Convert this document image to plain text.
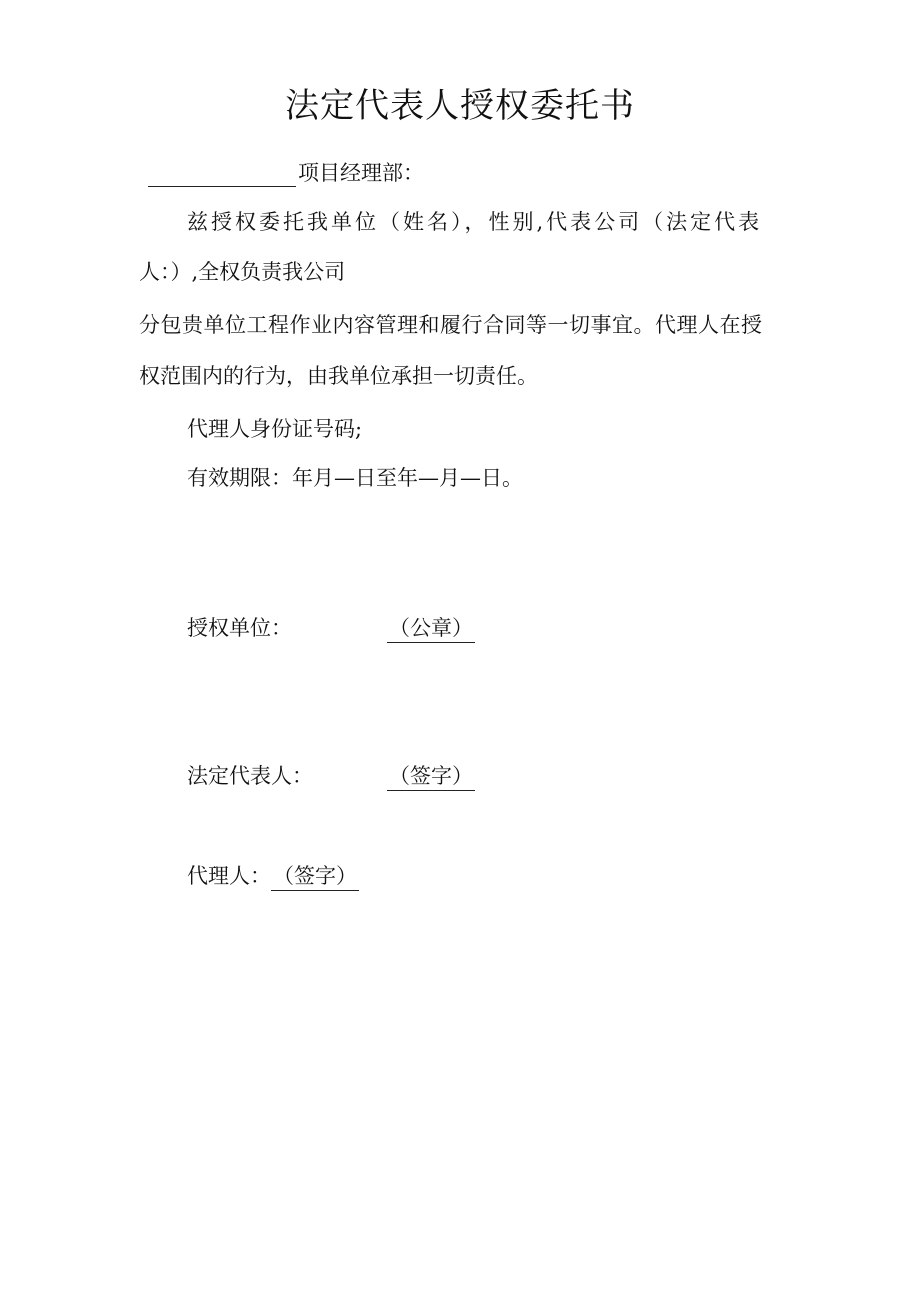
法定代表人授权委托书
项目经理部：
兹授权委托我单位（姓名），性别,代表公司（法定代表
人：）,全权负责我公司
分包贵单位工程作业内容管理和履行合同等一切事宜。代理人在授
权范围内的行为，由我单位承担一切责任。
代理人身份证号码;
有效期限：年月—日至年—月—日。
授权单位：	（公章）
法定代表人：	（签字）
代理人：（签字）
